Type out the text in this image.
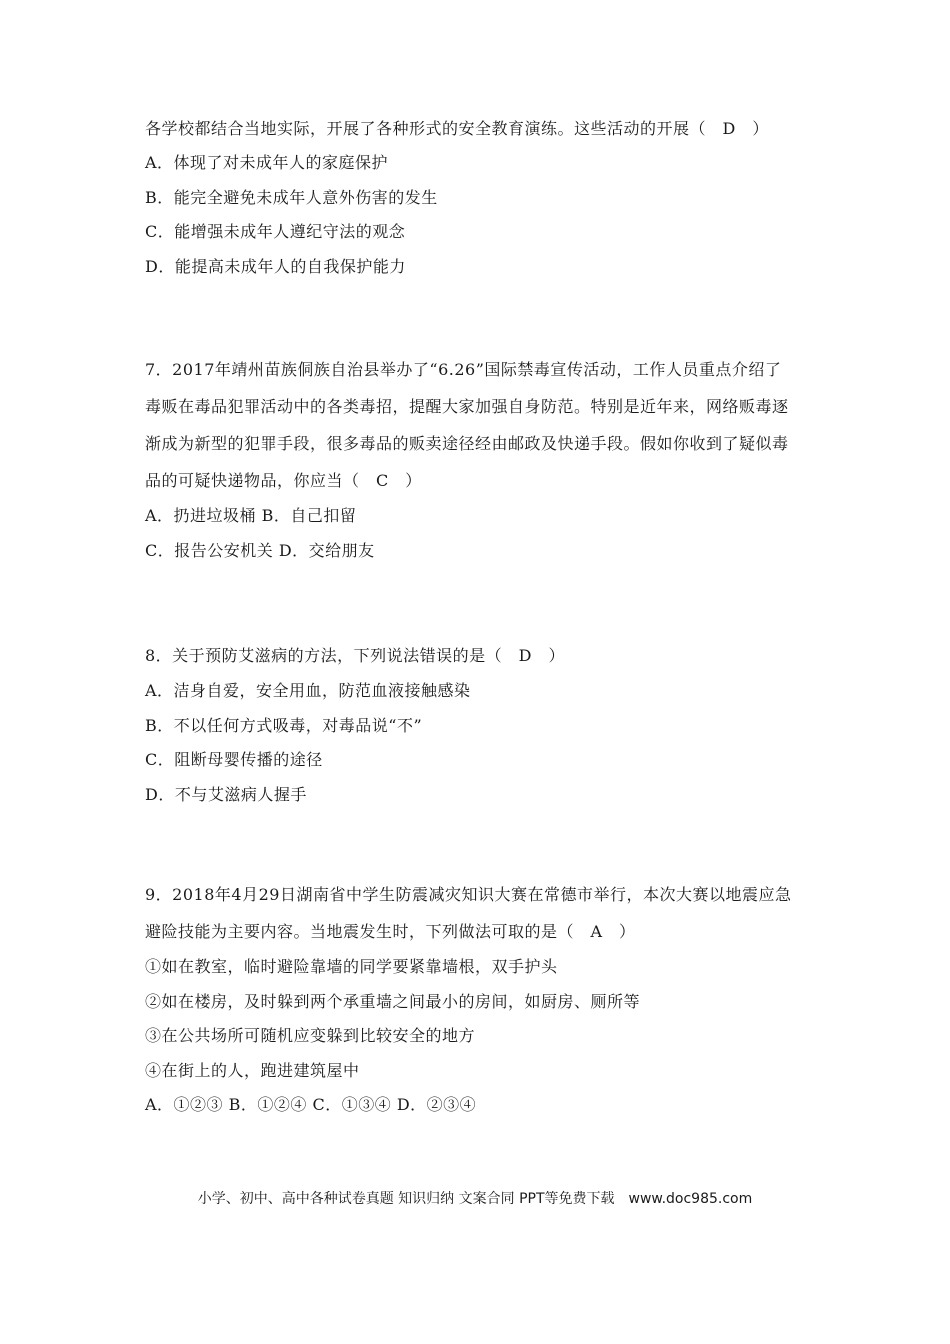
各学校都结合当地实际，开展了各种形式的安全教育演练。这些活动的开展（　D　）
A．体现了对未成年人的家庭保护
B．能完全避免未成年人意外伤害的发生
C．能增强未成年人遵纪守法的观念
D．能提高未成年人的自我保护能力
7．2017年靖州苗族侗族自治县举办了“6.26”国际禁毒宣传活动，工作人员重点介绍了
毒贩在毒品犯罪活动中的各类毒招，提醒大家加强自身防范。特别是近年来，网络贩毒逐
渐成为新型的犯罪手段，很多毒品的贩卖途径经由邮政及快递手段。假如你收到了疑似毒
品的可疑快递物品，你应当（　C　）
A．扔进垃圾桶 B．自己扣留
C．报告公安机关 D．交给朋友
8．关于预防艾滋病的方法，下列说法错误的是（　D　）
A．洁身自爱，安全用血，防范血液接触感染
B．不以任何方式吸毒，对毒品说“不”
C．阻断母婴传播的途径
D．不与艾滋病人握手
9．2018年4月29日湖南省中学生防震减灾知识大赛在常德市举行，本次大赛以地震应急
避险技能为主要内容。当地震发生时，下列做法可取的是（　A　）
①如在教室，临时避险靠墙的同学要紧靠墙根，双手护头
②如在楼房，及时躲到两个承重墙之间最小的房间，如厨房、厕所等
③在公共场所可随机应变躲到比较安全的地方
④在街上的人，跑进建筑屋中
A．①②③ B．①②④ C．①③④ D．②③④
小学、初中、高中各种试卷真题 知识归纳 文案合同 PPT等免费下载　www.doc985.com
